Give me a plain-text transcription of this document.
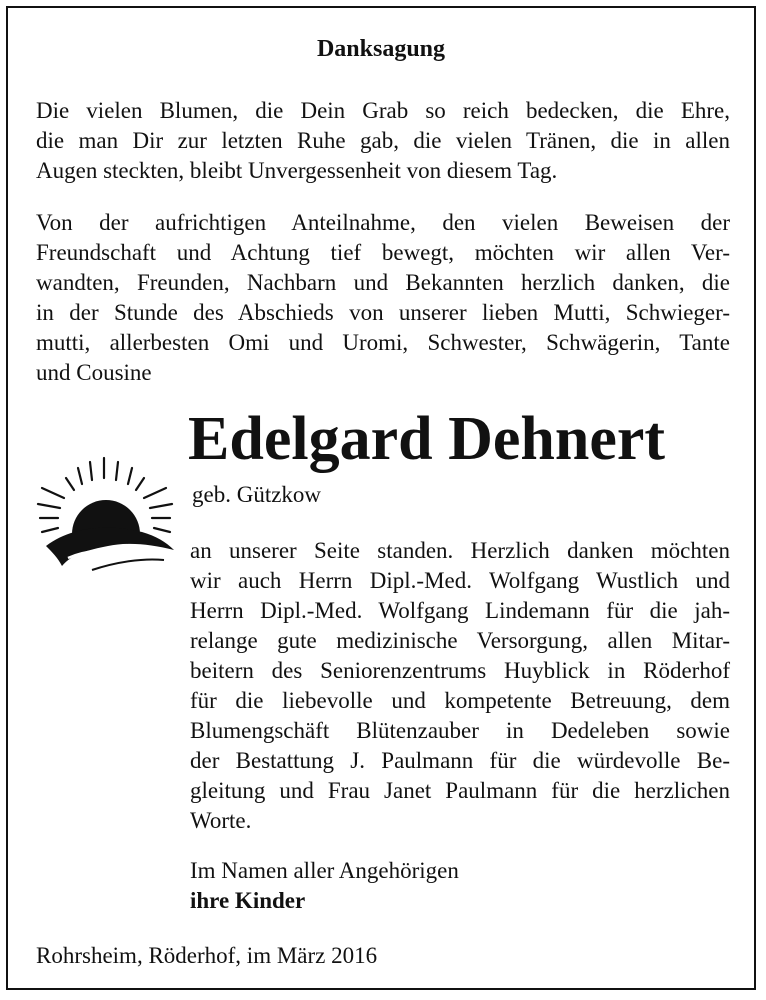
Danksagung
Die vielen Blumen, die Dein Grab so reich bedecken, die Ehre,
die man Dir zur letzten Ruhe gab, die vielen Tränen, die in allen
Augen steckten, bleibt Unvergessenheit von diesem Tag.
Von der aufrichtigen Anteilnahme, den vielen Beweisen der
Freundschaft und Achtung tief bewegt, möchten wir allen Ver-
wandten, Freunden, Nachbarn und Bekannten herzlich danken, die
in der Stunde des Abschieds von unserer lieben Mutti, Schwieger-
mutti, allerbesten Omi und Uromi, Schwester, Schwägerin, Tante
und Cousine
Edelgard Dehnert
geb. Gützkow
an unserer Seite standen. Herzlich danken möchten
wir auch Herrn Dipl.-Med. Wolfgang Wustlich und
Herrn Dipl.-Med. Wolfgang Lindemann für die jah-
relange gute medizinische Versorgung, allen Mitar-
beitern des Seniorenzentrums Huyblick in Röderhof
für die liebevolle und kompetente Betreuung, dem
Blumengschäft Blütenzauber in Dedeleben sowie
der Bestattung J. Paulmann für die würdevolle Be-
gleitung und Frau Janet Paulmann für die herzlichen
Worte.
Im Namen aller Angehörigen
ihre Kinder
Rohrsheim, Röderhof, im März 2016
